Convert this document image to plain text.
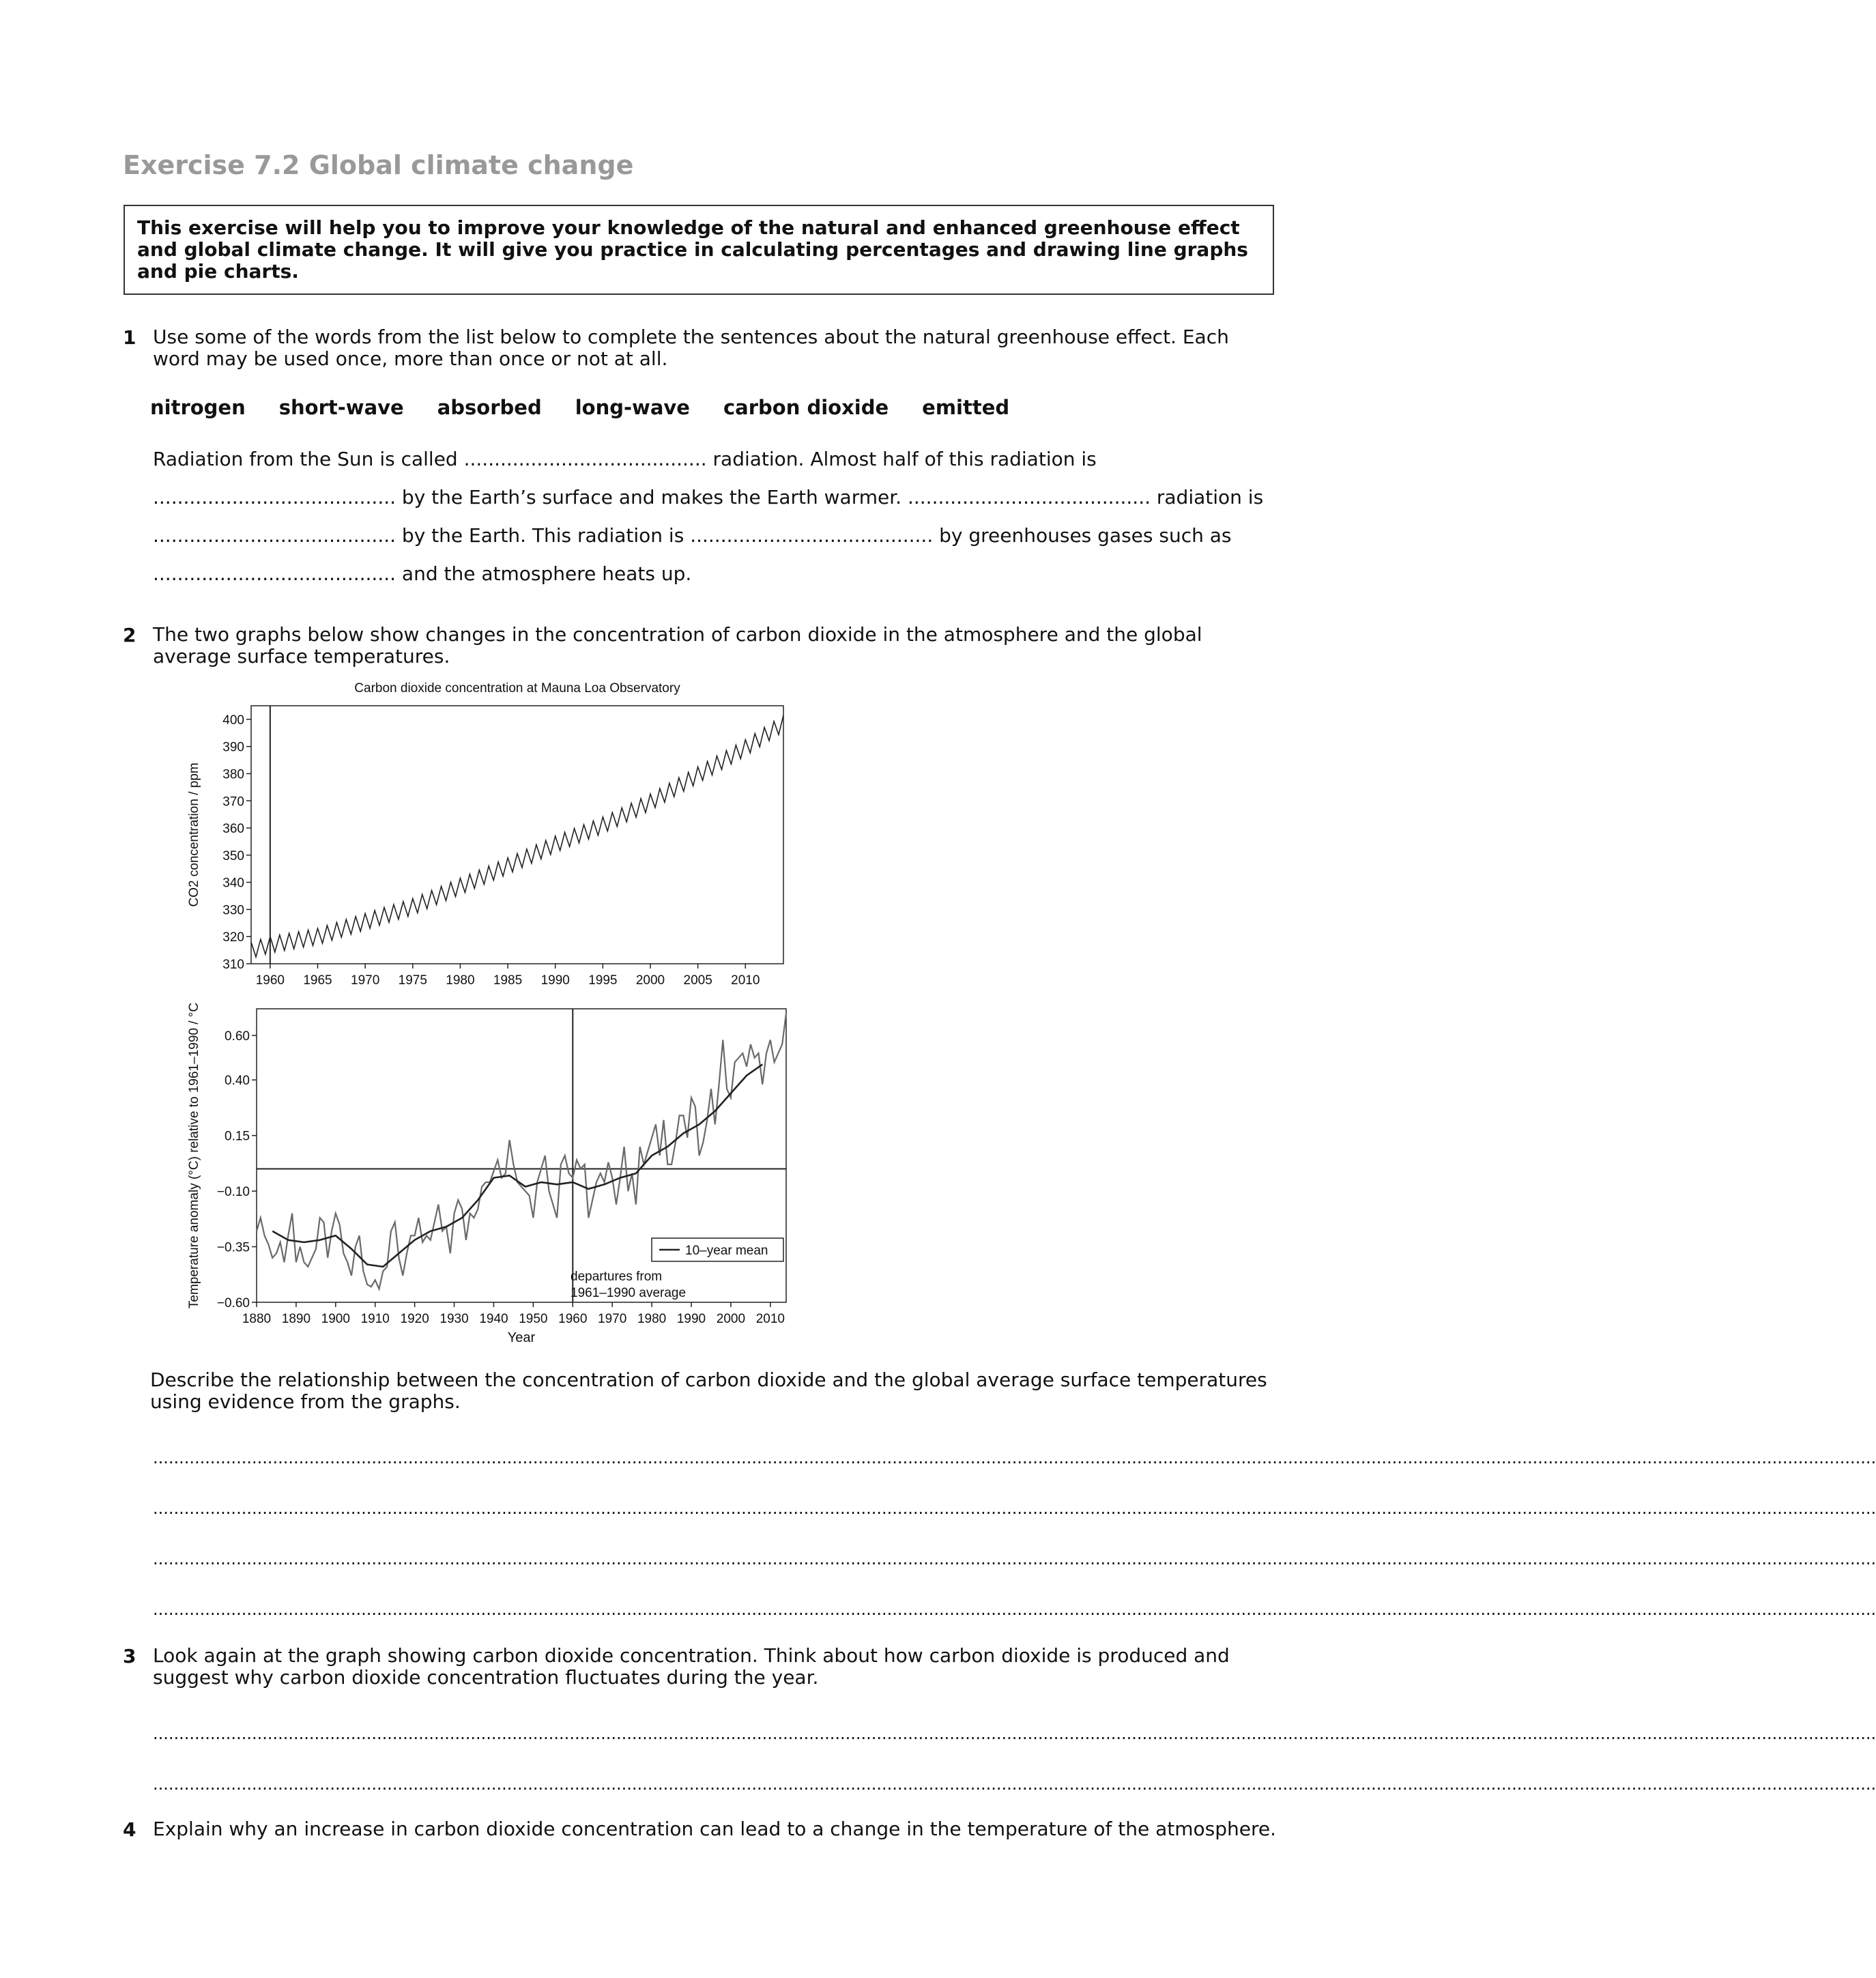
Exercise 7.2 Global climate change
This exercise will help you to improve your knowledge of the natural and enhanced greenhouse effect and global climate change. It will give you practice in calculating percentages and drawing line graphs and pie charts.
1 Use some of the words from the list below to complete the sentences about the natural greenhouse effect. Each word may be used once, more than once or not at all.

nitrogen short-wave absorbed long-wave carbon dioxide emitted
Radiation from the Sun is called ........................................ radiation. Almost half of this radiation is
........................................ by the Earth’s surface and makes the Earth warmer. ........................................ radiation is
........................................ by the Earth. This radiation is ........................................ by greenhouses gases such as
........................................ and the atmosphere heats up.
2 The two graphs below show changes in the concentration of carbon dioxide in the atmosphere and the global average surface temperatures.

Carbon dioxide concentration at Mauna Loa Observatory
310
320
330
340
350
360
370
380
390
400
1960 1965 1970 1975 1980 1985 1990 1995 2000 2005 2010
CO2 concentration / ppm
−0.60
−0.35
−0.10
0.15
0.40
0.60
1880 1890 1900 1910 1920 1930 1940 1950 1960 1970 1980 1990 2000 2010
Year
Temperature anomaly (°C) relative to 1961–1990 / °C	10–year mean
departures from
1961–1990 average

Describe the relationship between the concentration of carbon dioxide and the global average surface temperatures using evidence from the graphs.

...........................................................................................................................................................................................................................................................................................................................................
...........................................................................................................................................................................................................................................................................................................................................
...........................................................................................................................................................................................................................................................................................................................................
...........................................................................................................................................................................................................................................................................................................................................
3 Look again at the graph showing carbon dioxide concentration. Think about how carbon dioxide is produced and suggest why carbon dioxide concentration fluctuates during the year.

...........................................................................................................................................................................................................................................................................................................................................
...........................................................................................................................................................................................................................................................................................................................................
4 Explain why an increase in carbon dioxide concentration can lead to a change in the temperature of the atmosphere.
